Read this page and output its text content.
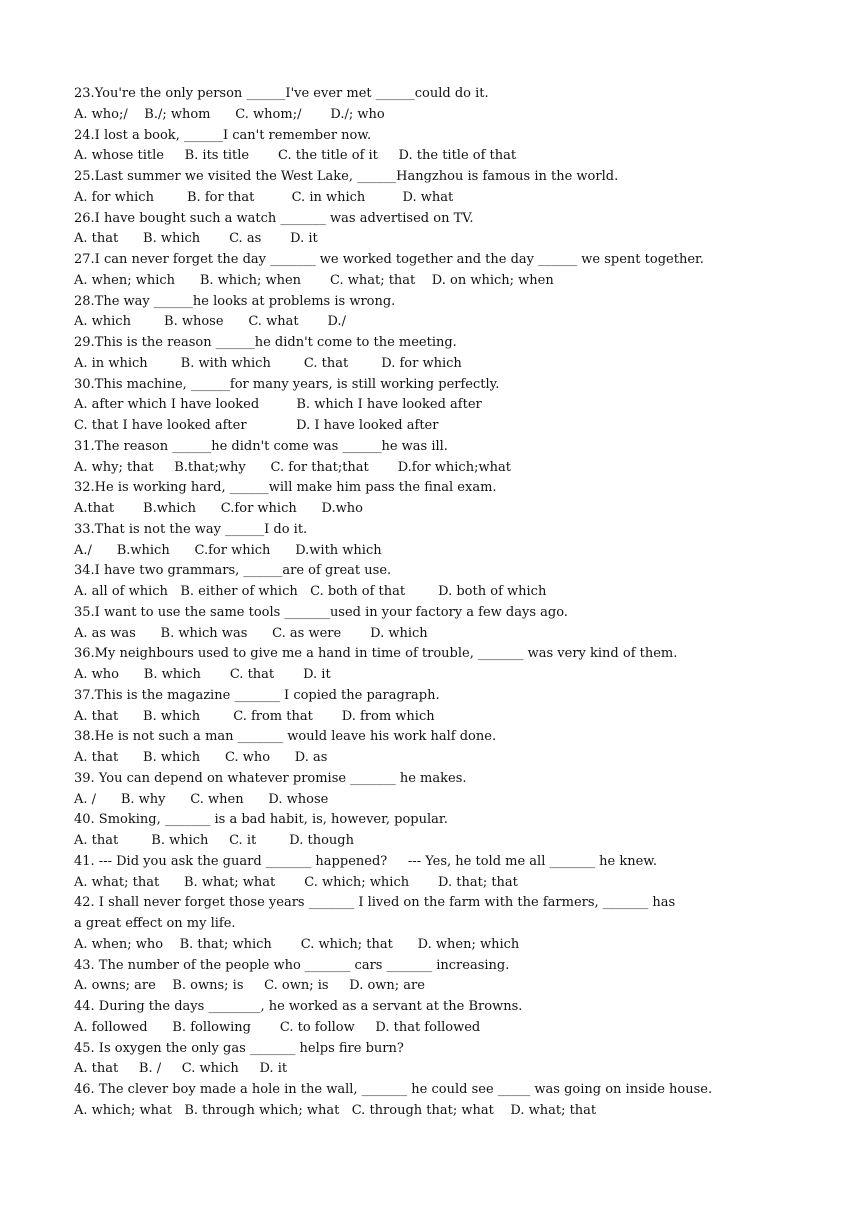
23.You're the only person ______I've ever met ______could do it.

A. who;/    B./; whom      C. whom;/       D./; who

24.I lost a book, ______I can't remember now.

A. whose title     B. its title       C. the title of it     D. the title of that

25.Last summer we visited the West Lake, ______Hangzhou is famous in the world.

A. for which        B. for that         C. in which         D. what

26.I have bought such a watch _______ was advertised on TV.

A. that      B. which       C. as       D. it

27.I can never forget the day _______ we worked together and the day ______ we spent together.

A. when; which      B. which; when       C. what; that    D. on which; when

28.The way ______he looks at problems is wrong.

A. which        B. whose      C. what       D./

29.This is the reason ______he didn't come to the meeting.

A. in which        B. with which        C. that        D. for which

30.This machine, ______for many years, is still working perfectly.

A. after which I have looked         B. which I have looked after

C. that I have looked after            D. I have looked after

31.The reason ______he didn't come was ______he was ill.

A. why; that     B.that;why      C. for that;that       D.for which;what

32.He is working hard, ______will make him pass the final exam.

A.that       B.which      C.for which      D.who

33.That is not the way ______I do it.

A./      B.which      C.for which      D.with which

34.I have two grammars, ______are of great use.

A. all of which   B. either of which   C. both of that        D. both of which

35.I want to use the same tools _______used in your factory a few days ago.

A. as was      B. which was      C. as were       D. which

36.My neighbours used to give me a hand in time of trouble, _______ was very kind of them.

A. who      B. which       C. that       D. it

37.This is the magazine _______ I copied the paragraph.

A. that      B. which        C. from that       D. from which

38.He is not such a man _______ would leave his work half done.

A. that      B. which      C. who      D. as

39. You can depend on whatever promise _______ he makes.

A. /      B. why      C. when      D. whose

40. Smoking, _______ is a bad habit, is, however, popular.

A. that        B. which     C. it        D. though

41. --- Did you ask the guard _______ happened?     --- Yes, he told me all _______ he knew.

A. what; that      B. what; what       C. which; which       D. that; that

42. I shall never forget those years _______ I lived on the farm with the farmers, _______ has

a great effect on my life.

A. when; who    B. that; which       C. which; that      D. when; which

43. The number of the people who _______ cars _______ increasing.

A. owns; are    B. owns; is     C. own; is     D. own; are

44. During the days ________, he worked as a servant at the Browns.

A. followed      B. following       C. to follow     D. that followed

45. Is oxygen the only gas _______ helps fire burn?

A. that     B. /     C. which     D. it

46. The clever boy made a hole in the wall, _______ he could see _____ was going on inside house.

A. which; what   B. through which; what   C. through that; what    D. what; that
